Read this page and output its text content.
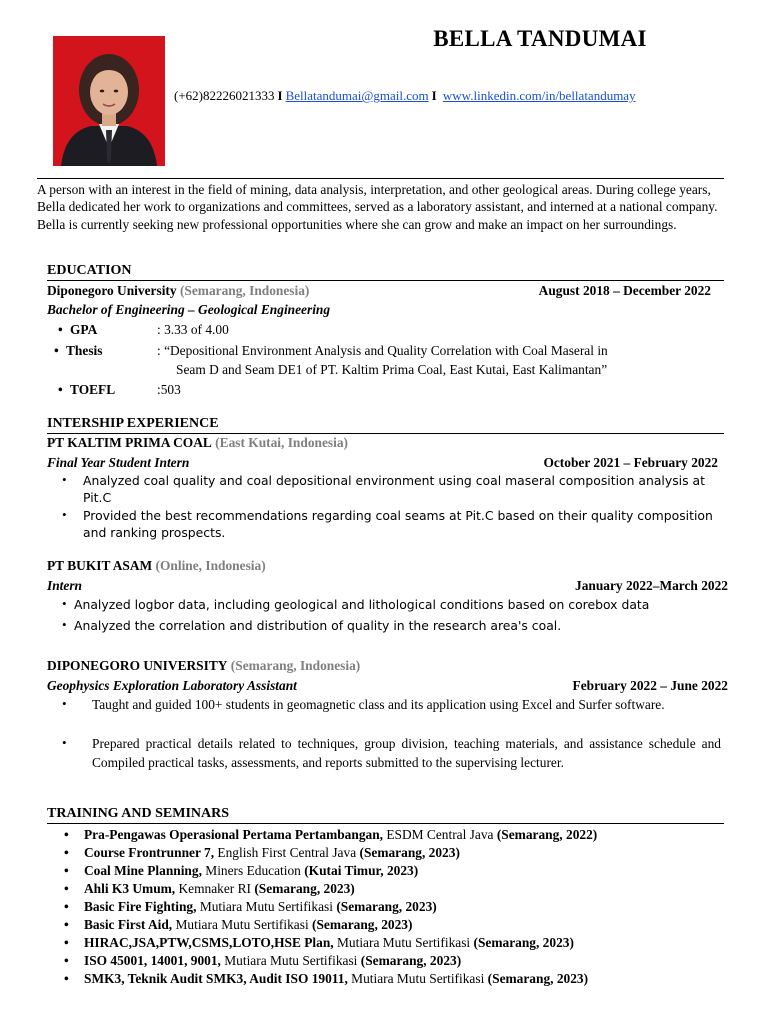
BELLA TANDUMAI
(+62)82226021333 I Bellatandumai@gmail.com I www.linkedin.com/in/bellatandumay
A person with an interest in the field of mining, data analysis, interpretation, and other geological areas. During college years, Bella dedicated her work to organizations and committees, served as a laboratory assistant, and interned at a national company. Bella is currently seeking new professional opportunities where she can grow and make an impact on her surroundings.
EDUCATION
Diponegoro University (Semarang, Indonesia)	August 2018 – December 2022
Bachelor of Engineering – Geological Engineering
• GPA	: 3.33 of 4.00
• Thesis	: “Depositional Environment Analysis and Quality Correlation with Coal Maseral in
Seam D and Seam DE1 of PT. Kaltim Prima Coal, East Kutai, East Kalimantan”
• TOEFL	:503
INTERSHIP EXPERIENCE
PT KALTIM PRIMA COAL (East Kutai, Indonesia)
Final Year Student Intern	October 2021 – February 2022
• Analyzed coal quality and coal depositional environment using coal maseral composition analysis at
Pit.C
• Provided the best recommendations regarding coal seams at Pit.C based on their quality composition
and ranking prospects.
PT BUKIT ASAM (Online, Indonesia)
Intern	January 2022–March 2022
• Analyzed logbor data, including geological and lithological conditions based on corebox data
• Analyzed the correlation and distribution of quality in the research area's coal.
DIPONEGORO UNIVERSITY (Semarang, Indonesia)
Geophysics Exploration Laboratory Assistant	February 2022 – June 2022
• Taught and guided 100+ students in geomagnetic class and its application using Excel and Surfer software.
• Prepared practical details related to techniques, group division, teaching materials, and assistance schedule and Compiled practical tasks, assessments, and reports submitted to the supervising lecturer.
TRAINING AND SEMINARS
• Pra-Pengawas Operasional Pertama Pertambangan, ESDM Central Java (Semarang, 2022)
• Course Frontrunner 7, English First Central Java (Semarang, 2023)
• Coal Mine Planning, Miners Education (Kutai Timur, 2023)
• Ahli K3 Umum, Kemnaker RI (Semarang, 2023)
• Basic Fire Fighting, Mutiara Mutu Sertifikasi (Semarang, 2023)
• Basic First Aid, Mutiara Mutu Sertifikasi (Semarang, 2023)
• HIRAC,JSA,PTW,CSMS,LOTO,HSE Plan, Mutiara Mutu Sertifikasi (Semarang, 2023)
• ISO 45001, 14001, 9001, Mutiara Mutu Sertifikasi (Semarang, 2023)
• SMK3, Teknik Audit SMK3, Audit ISO 19011, Mutiara Mutu Sertifikasi (Semarang, 2023)
